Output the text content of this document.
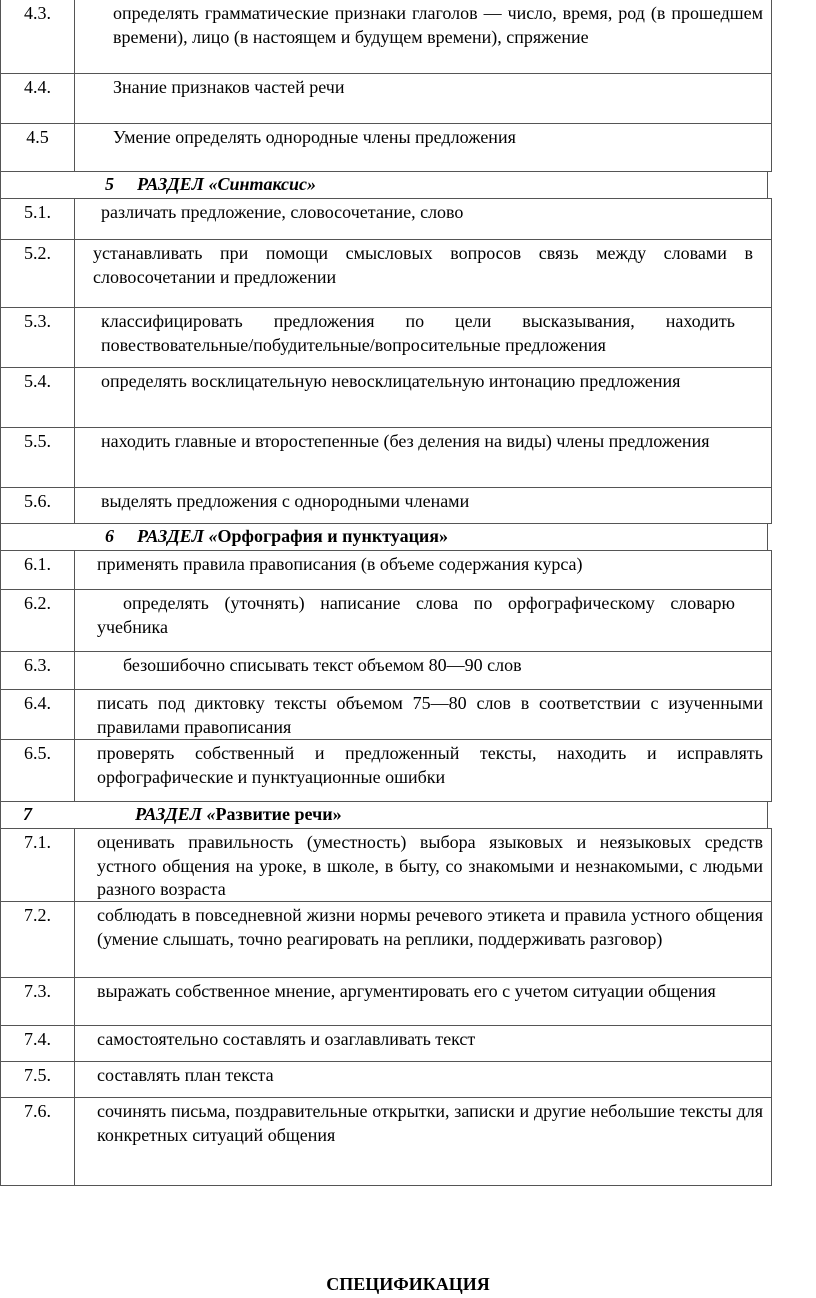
4.3.	определять грамматические признаки глаголов — число, время, род (в прошедшем времени), лицо (в настоящем и будущем времени), спряжение
4.4.	Знание признаков частей речи
4.5	Умение определять однородные члены предложения
5 РАЗДЕЛ «Синтаксис»
5.1.	различать предложение, словосочетание, слово
5.2.	устанавливать при помощи смысловых вопросов связь между словами в словосочетании и предложении
5.3.	классифицировать предложения по цели высказывания, находить повествовательные/побудительные/вопросительные предложения
5.4.	определять восклицательную невосклицательную интонацию предложения
5.5.	находить главные и второстепенные (без деления на виды) члены предложения
5.6.	выделять предложения с однородными членами
6 РАЗДЕЛ «Орфография и пунктуация»
6.1.	применять правила правописания (в объеме содержания курса)
6.2.	определять (уточнять) написание слова по орфографическому словарю учебника
6.3.	безошибочно списывать текст объемом 80—90 слов
6.4.	писать под диктовку тексты объемом 75—80 слов в соответствии с изученными правилами правописания
6.5.	проверять собственный и предложенный тексты, находить и исправлять орфографические и пунктуационные ошибки
7	РАЗДЕЛ «Развитие речи»
7.1.	оценивать правильность (уместность) выбора языковых и неязыковых средств устного общения на уроке, в школе, в быту, со знакомыми и незнакомыми, с людьми разного возраста
7.2.	соблюдать в повседневной жизни нормы речевого этикета и правила устного общения (умение слышать, точно реагировать на реплики, поддерживать разговор)
7.3.	выражать собственное мнение, аргументировать его с учетом ситуации общения
7.4.	самостоятельно составлять и озаглавливать текст
7.5.	составлять план текста
7.6.	сочинять письма, поздравительные открытки, записки и другие небольшие тексты для конкретных ситуаций общения
СПЕЦИФИКАЦИЯ
